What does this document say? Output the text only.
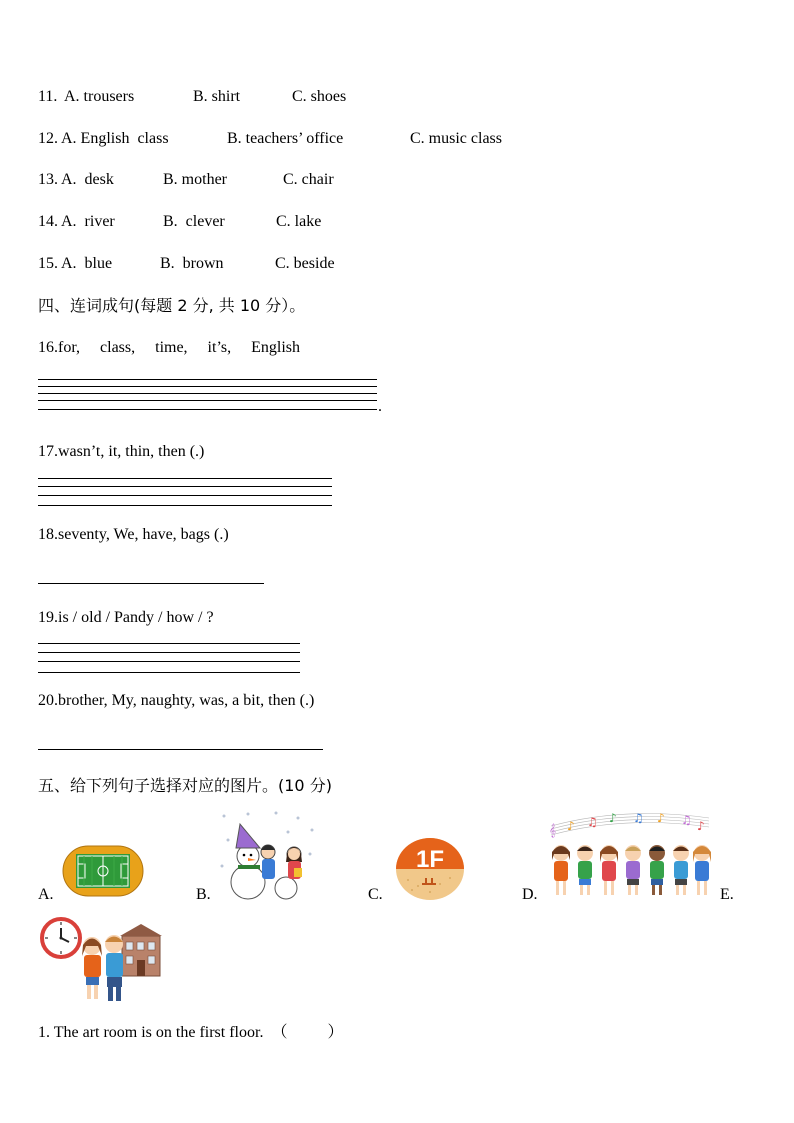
11. A. trousers	B. shirt	C. shoes
12. A. English  class	B. teachers’ office	C. music class
13. A.  desk	B. mother	C. chair
14. A.  river	B.  clever	C. lake
15. A.  blue	B.  brown	C. beside
四、连词成句(每题 2 分, 共 10 分）。
16.for,     class,     time,     it’s,     English
.
17.wasn’t, it, thin, then (.)
18.seventy, We, have, bags (.)
19.is / old / Pandy / how / ?
20.brother, My, naughty, was, a bit, then (.)
五、给下列句子选择对应的图片。(10 分)
A.	B.	C.	D.	E.
1F
𝄞 ♪ ♫ ♪ ♫ ♪ ♫ ♪
1. The art room is on the first floor.  （          ）
